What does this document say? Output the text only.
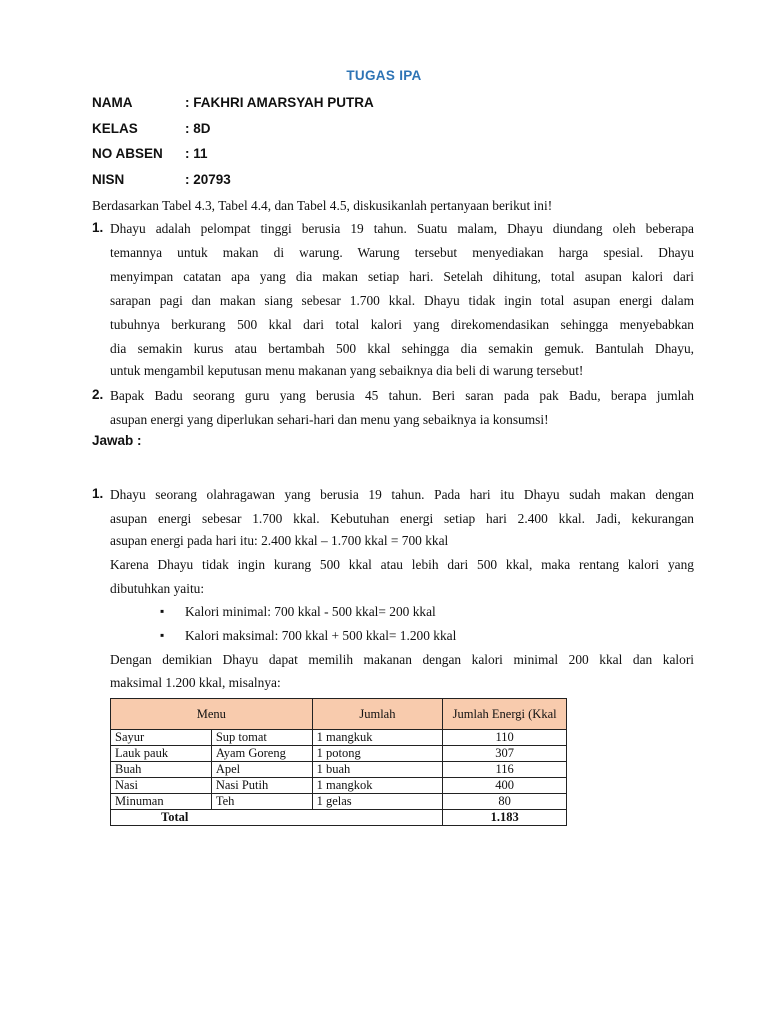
TUGAS IPA
NAMA	: FAKHRI AMARSYAH PUTRA
KELAS	: 8D
NO ABSEN : 11
NISN	: 20793
Berdasarkan Tabel 4.3, Tabel 4.4, dan Tabel 4.5, diskusikanlah pertanyaan berikut ini!
1. Dhayu adalah pelompat tinggi berusia 19 tahun. Suatu malam, Dhayu diundang oleh beberapa
temannya untuk makan di warung. Warung tersebut menyediakan harga spesial. Dhayu
menyimpan catatan apa yang dia makan setiap hari. Setelah dihitung, total asupan kalori dari
sarapan pagi dan makan siang sebesar 1.700 kkal. Dhayu tidak ingin total asupan energi dalam
tubuhnya berkurang 500 kkal dari total kalori yang direkomendasikan sehingga menyebabkan
dia semakin kurus atau bertambah 500 kkal sehingga dia semakin gemuk. Bantulah Dhayu,
untuk mengambil keputusan menu makanan yang sebaiknya dia beli di warung tersebut!
2. Bapak Badu seorang guru yang berusia 45 tahun. Beri saran pada pak Badu, berapa jumlah
asupan energi yang diperlukan sehari-hari dan menu yang sebaiknya ia konsumsi!
Jawab :
1. Dhayu seorang olahragawan yang berusia 19 tahun. Pada hari itu Dhayu sudah makan dengan
asupan energi sebesar 1.700 kkal. Kebutuhan energi setiap hari 2.400 kkal. Jadi, kekurangan
asupan energi pada hari itu: 2.400 kkal – 1.700 kkal = 700 kkal
Karena Dhayu tidak ingin kurang 500 kkal atau lebih dari 500 kkal, maka rentang kalori yang
dibutuhkan yaitu:
▪ Kalori minimal: 700 kkal - 500 kkal= 200 kkal
▪ Kalori maksimal: 700 kkal + 500 kkal= 1.200 kkal
Dengan demikian Dhayu dapat memilih makanan dengan kalori minimal 200 kkal dan kalori
maksimal 1.200 kkal, misalnya:
Menu		Jumlah	Jumlah Energi (Kkal
Sayur	Sup tomat	1 mangkuk	110
Lauk pauk	Ayam Goreng	1 potong	307
Buah	Apel	1 buah	116
Nasi	Nasi Putih	1 mangkok	400
Minuman	Teh	1 gelas	80
Total			1.183
